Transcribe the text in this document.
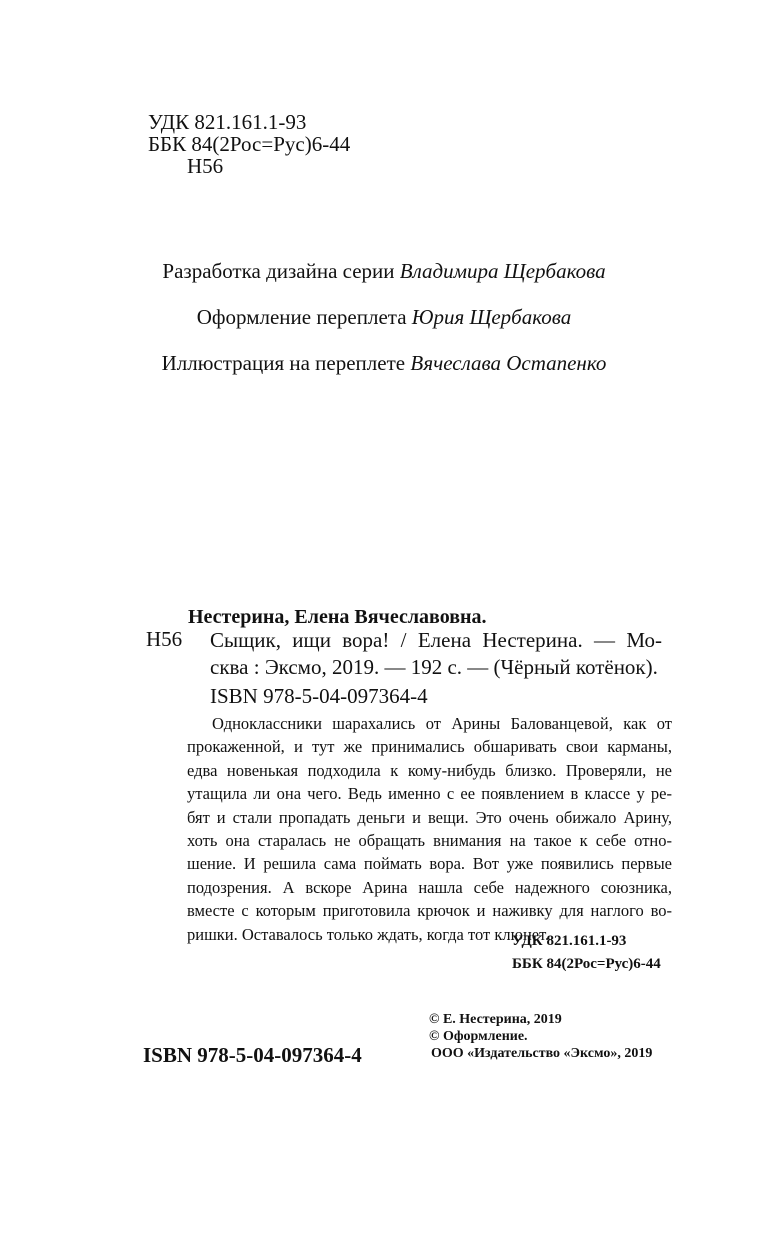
УДК 821.161.1-93
ББК 84(2Рос=Рус)6-44
Н56
Разработка дизайна серии Владимира Щербакова
Оформление переплета Юрия Щербакова
Иллюстрация на переплете Вячеслава Остапенко
Нестерина, Елена Вячеславовна.
Н56 Сыщик, ищи вора! / Елена Нестерина. — Мо-
сква : Эксмо, 2019. — 192 с. — (Чёрный котёнок).
ISBN 978-5-04-097364-4
Одноклассники шарахались от Арины Балованцевой, как от
прокаженной, и тут же принимались обшаривать свои карманы,
едва новенькая подходила к кому-нибудь близко. Проверяли, не
утащила ли она чего. Ведь именно с ее появлением в классе у ре-
бят и стали пропадать деньги и вещи. Это очень обижало Арину,
хоть она старалась не обращать внимания на такое к себе отно-
шение. И решила сама поймать вора. Вот уже появились первые
подозрения. А вскоре Арина нашла себе надежного союзника,
вместе с которым приготовила крючок и наживку для наглого во-
ришки. Оставалось только ждать, когда тот клюнет.
УДК 821.161.1-93
ББК 84(2Рос=Рус)6-44
© Е. Нестерина, 2019
© Оформление.
ООО «Издательство «Эксмо», 2019
ISBN 978-5-04-097364-4
